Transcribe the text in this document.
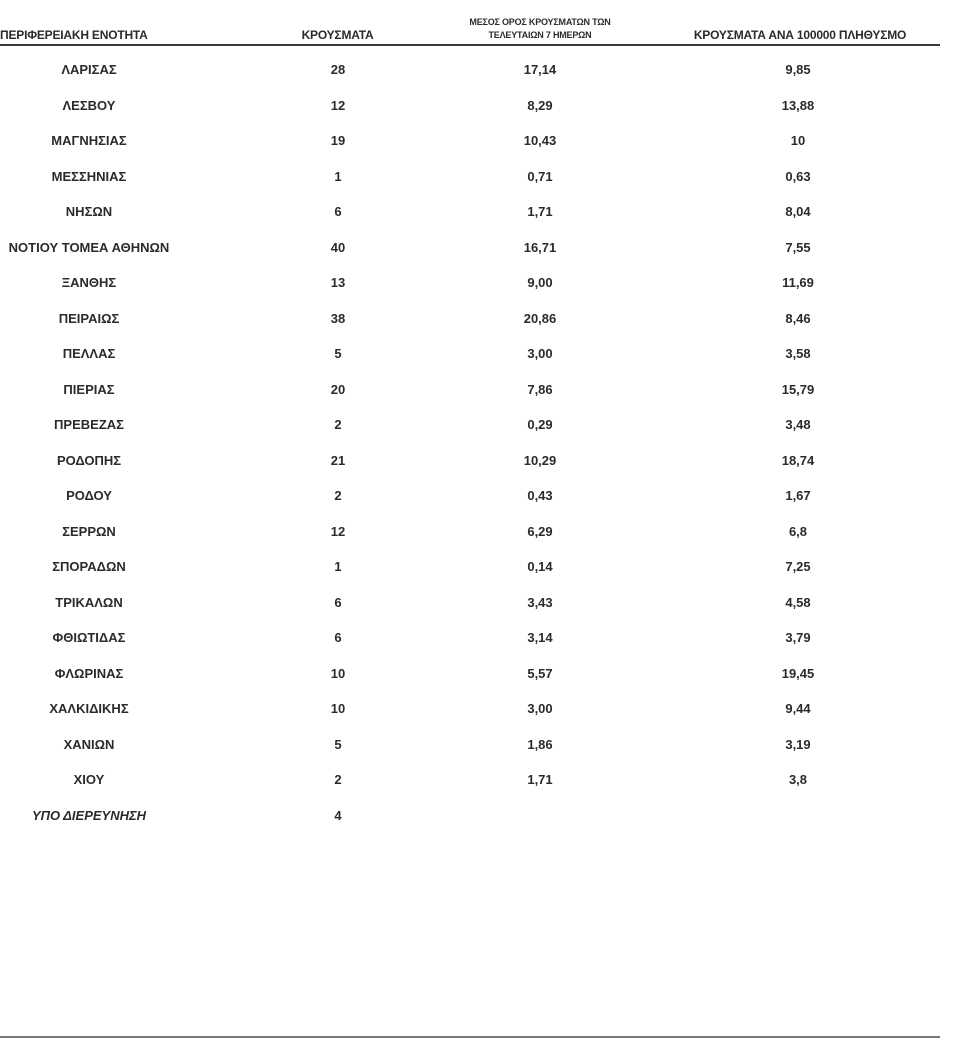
ΠΕΡΙΦΕΡΕΙΑΚΗ ΕΝΟΤΗΤΑ	ΚΡΟΥΣΜΑΤΑ
ΜΕΣΟΣ ΟΡΟΣ ΚΡΟΥΣΜΑΤΩΝ ΤΩΝ
ΤΕΛΕΥΤΑΙΩΝ 7 ΗΜΕΡΩΝ	ΚΡΟΥΣΜΑΤΑ ΑΝΑ 100000 ΠΛΗΘΥΣΜΟ
ΛΑΡΙΣΑΣ	28	17,14	9,85
ΛΕΣΒΟΥ	12	8,29	13,88
ΜΑΓΝΗΣΙΑΣ	19	10,43	10
ΜΕΣΣΗΝΙΑΣ	1	0,71	0,63
ΝΗΣΩΝ	6	1,71	8,04
ΝΟΤΙΟΥ ΤΟΜΕΑ ΑΘΗΝΩΝ	40	16,71	7,55
ΞΑΝΘΗΣ	13	9,00	11,69
ΠΕΙΡΑΙΩΣ	38	20,86	8,46
ΠΕΛΛΑΣ	5	3,00	3,58
ΠΙΕΡΙΑΣ	20	7,86	15,79
ΠΡΕΒΕΖΑΣ	2	0,29	3,48
ΡΟΔΟΠΗΣ	21	10,29	18,74
ΡΟΔΟΥ	2	0,43	1,67
ΣΕΡΡΩΝ	12	6,29	6,8
ΣΠΟΡΑΔΩΝ	1	0,14	7,25
ΤΡΙΚΑΛΩΝ	6	3,43	4,58
ΦΘΙΩΤΙΔΑΣ	6	3,14	3,79
ΦΛΩΡΙΝΑΣ	10	5,57	19,45
ΧΑΛΚΙΔΙΚΗΣ	10	3,00	9,44
ΧΑΝΙΩΝ	5	1,86	3,19
ΧΙΟΥ	2	1,71	3,8
ΥΠΟ ΔΙΕΡΕΥΝΗΣΗ	4
